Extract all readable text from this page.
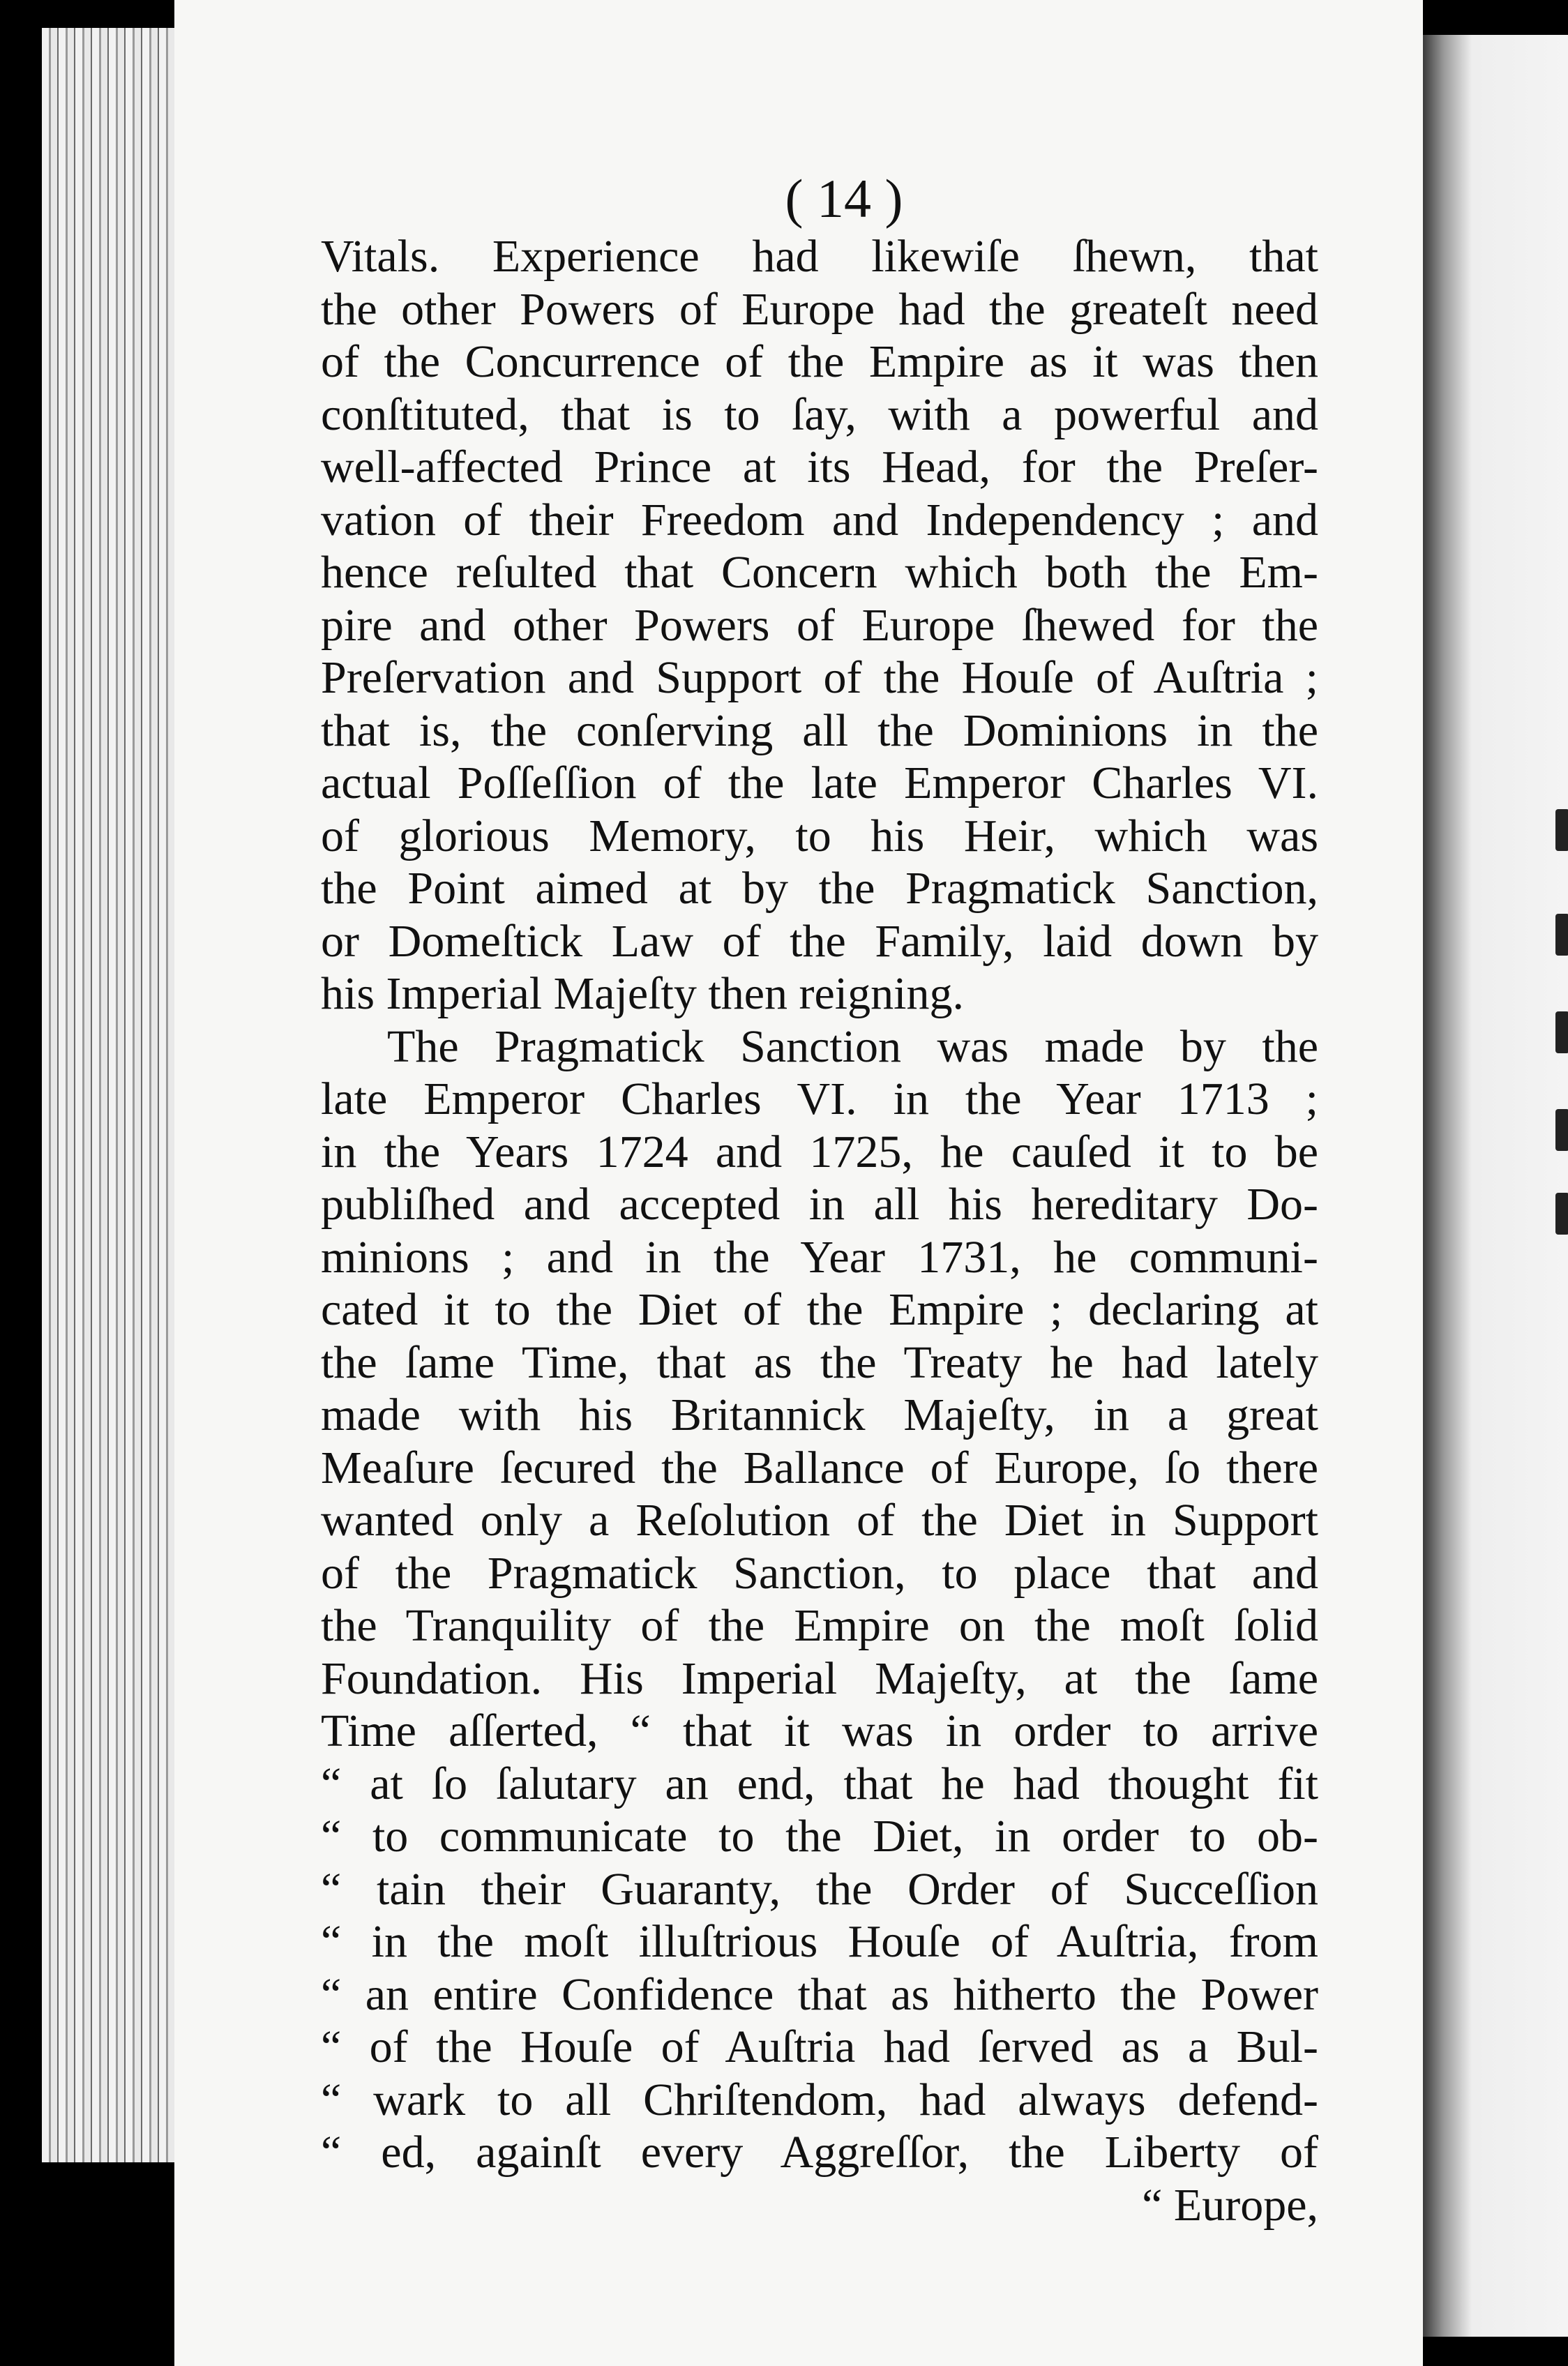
( 14 )
Vitals. Experience had likewiſe ſhewn, that
the other Powers of Europe had the greateſt need
of the Concurrence of the Empire as it was then
conſtituted, that is to ſay, with a powerful and
well-affected Prince at its Head, for the Preſer-
vation of their Freedom and Independency ; and
hence reſulted that Concern which both the Em-
pire and other Powers of Europe ſhewed for the
Preſervation and Support of the Houſe of Auſtria ;
that is, the conſerving all the Dominions in the
actual Poſſeſſion of the late Emperor Charles VI.
of glorious Memory, to his Heir, which was
the Point aimed at by the Pragmatick Sanction,
or Domeſtick Law of the Family, laid down by
his Imperial Majeſty then reigning.
The Pragmatick Sanction was made by the
late Emperor Charles VI. in the Year 1713 ;
in the Years 1724 and 1725, he cauſed it to be
publiſhed and accepted in all his hereditary Do-
minions ; and in the Year 1731, he communi-
cated it to the Diet of the Empire ; declaring at
the ſame Time, that as the Treaty he had lately
made with his Britannick Majeſty, in a great
Meaſure ſecured the Ballance of Europe, ſo there
wanted only a Reſolution of the Diet in Support
of the Pragmatick Sanction, to place that and
the Tranquility of the Empire on the moſt ſolid
Foundation. His Imperial Majeſty, at the ſame
Time aſſerted, “ that it was in order to arrive
“ at ſo ſalutary an end, that he had thought fit
“ to communicate to the Diet, in order to ob-
“ tain their Guaranty, the Order of Succeſſion
“ in the moſt illuſtrious Houſe of Auſtria, from
“ an entire Confidence that as hitherto the Power
“ of the Houſe of Auſtria had ſerved as a Bul-
“ wark to all Chriſtendom, had always defend-
“ ed, againſt every Aggreſſor, the Liberty of
“ Europe,
